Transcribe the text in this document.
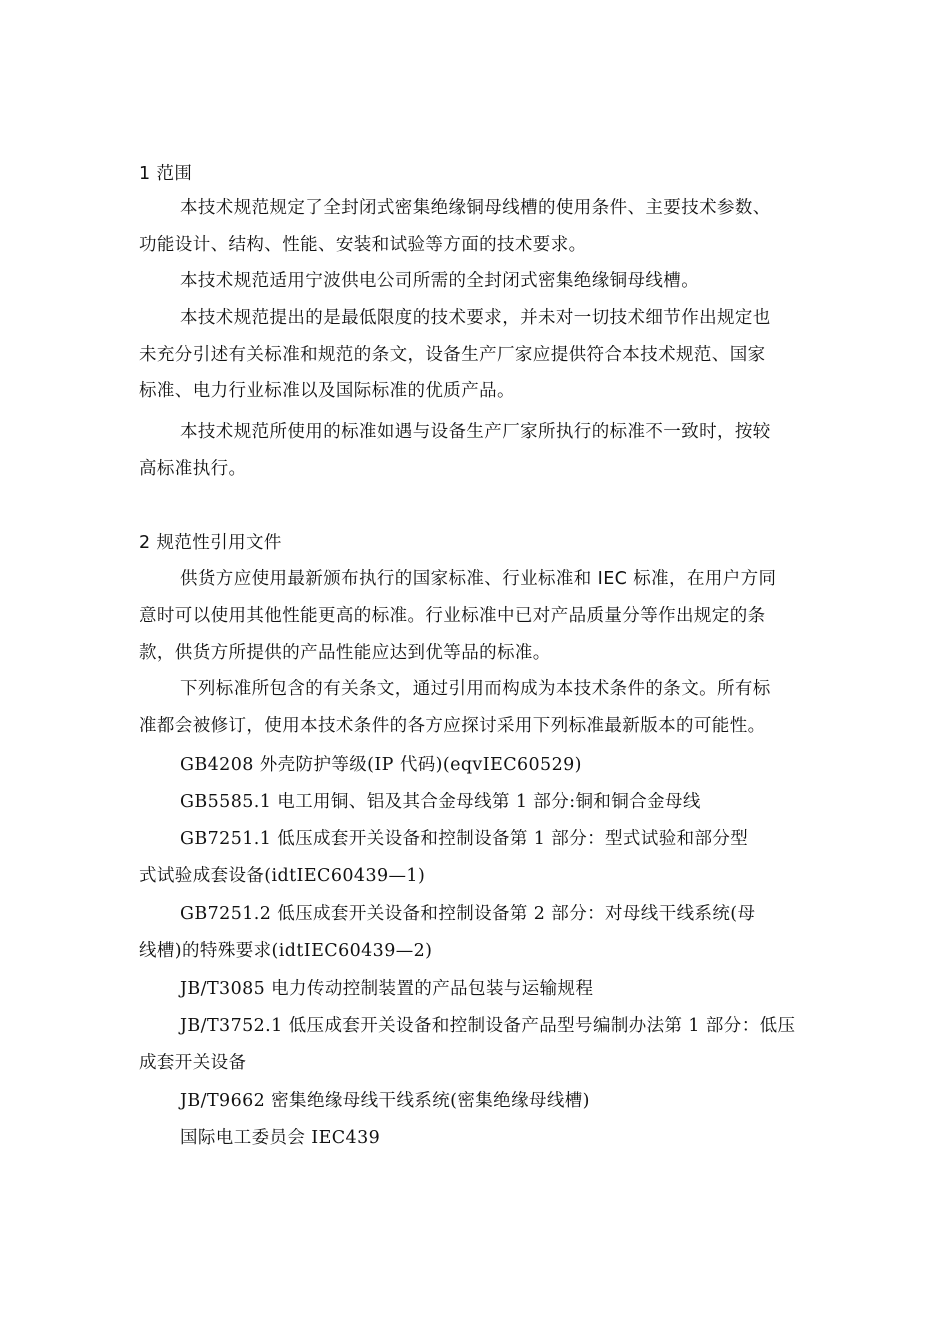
1 范围
本技术规范规定了全封闭式密集绝缘铜母线槽的使用条件、主要技术参数、
功能设计、结构、性能、安装和试验等方面的技术要求。
本技术规范适用宁波供电公司所需的全封闭式密集绝缘铜母线槽。
本技术规范提出的是最低限度的技术要求，并未对一切技术细节作出规定也
未充分引述有关标准和规范的条文，设备生产厂家应提供符合本技术规范、国家
标准、电力行业标准以及国际标准的优质产品。
本技术规范所使用的标准如遇与设备生产厂家所执行的标准不一致时，按较
高标准执行。
2 规范性引用文件
供货方应使用最新颁布执行的国家标准、行业标准和 IEC 标准，在用户方同
意时可以使用其他性能更高的标准。行业标准中已对产品质量分等作出规定的条
款，供货方所提供的产品性能应达到优等品的标准。
下列标准所包含的有关条文，通过引用而构成为本技术条件的条文。所有标
准都会被修订，使用本技术条件的各方应探讨采用下列标准最新版本的可能性。
GB4208 外壳防护等级(IP 代码)(eqvIEC60529)
GB5585.1 电工用铜、铝及其合金母线第 1 部分:铜和铜合金母线
GB7251.1 低压成套开关设备和控制设备第 1 部分：型式试验和部分型
式试验成套设备(idtIEC60439—1)
GB7251.2 低压成套开关设备和控制设备第 2 部分：对母线干线系统(母
线槽)的特殊要求(idtIEC60439—2)
JB/T3085 电力传动控制装置的产品包装与运输规程
JB/T3752.1 低压成套开关设备和控制设备产品型号编制办法第 1 部分：低压
成套开关设备
JB/T9662 密集绝缘母线干线系统(密集绝缘母线槽)
国际电工委员会 IEC439
